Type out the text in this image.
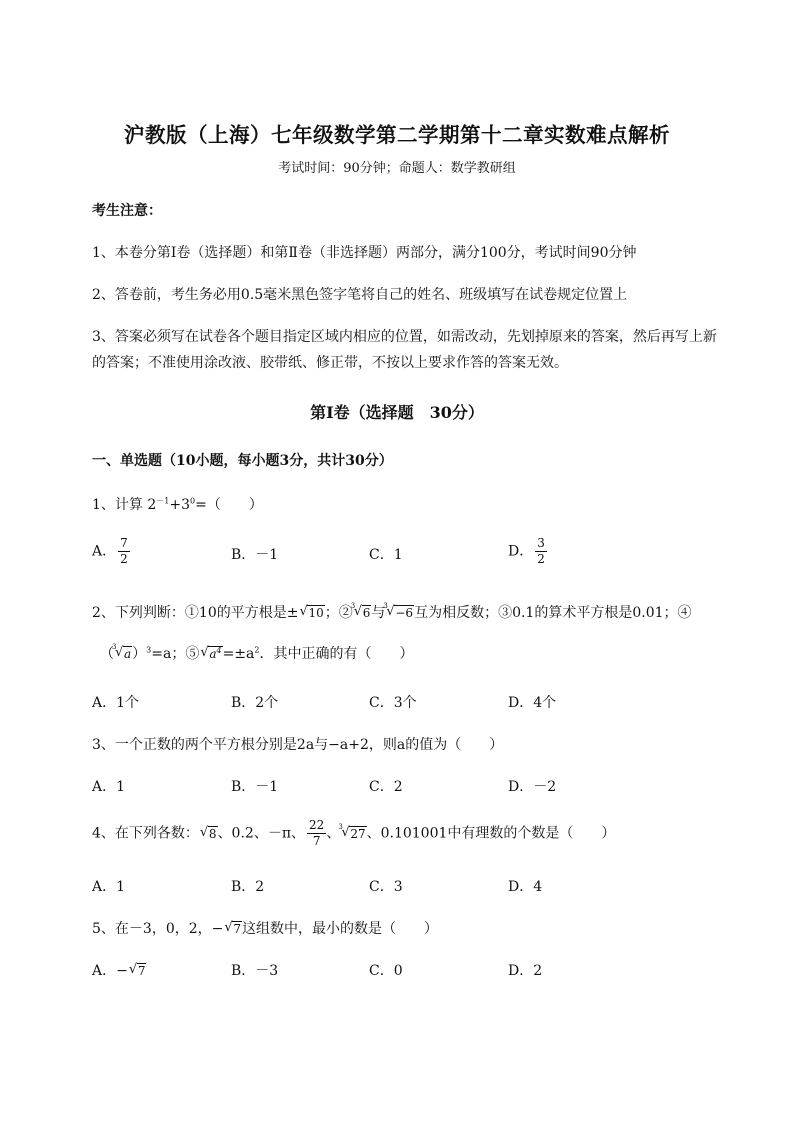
沪教版（上海）七年级数学第二学期第十二章实数难点解析
考试时间：90分钟；命题人：数学教研组
考生注意：
1、本卷分第I卷（选择题）和第Ⅱ卷（非选择题）两部分，满分100分，考试时间90分钟
2、答卷前，考生务必用0.5毫米黑色签字笔将自己的姓名、班级填写在试卷规定位置上
3、答案必须写在试卷各个题目指定区域内相应的位置，如需改动，先划掉原来的答案，然后再写上新
的答案；不准使用涂改液、胶带纸、修正带，不按以上要求作答的答案无效。
第I卷（选择题　30分）
一、单选题（10小题，每小题3分，共计30分）
1、计算 $2^{-1}+3^0=$（　　）
A． $\frac{7}{2}$	B．－1	C．1	D． $\frac{3}{2}$
2、下列判断：①10的平方根是± √ 10；②
3
√ 6与
3
√ −6互为相反数；③0.1的算术平方根是0.01；④
（
3
√ a）$^3$=a；⑤ √ $a^4=\pm a^2$．其中正确的有（　　）
A．1个	B．2个	C．3个	D．4个
3、一个正数的两个平方根分别是2a与−a+2，则a的值为（　　）
A．1	B．－1	C．2	D．－2
4、在下列各数： √ 8、0.2、－π、 $\frac{22}{7}$ 、
3
√ 27、0.101001中有理数的个数是（　　）
A．1	B．2	C．3	D．4
5、在－3，0，2，− √ 7这组数中，最小的数是（　　）
A．− √ 7	B．－3	C．0	D．2
